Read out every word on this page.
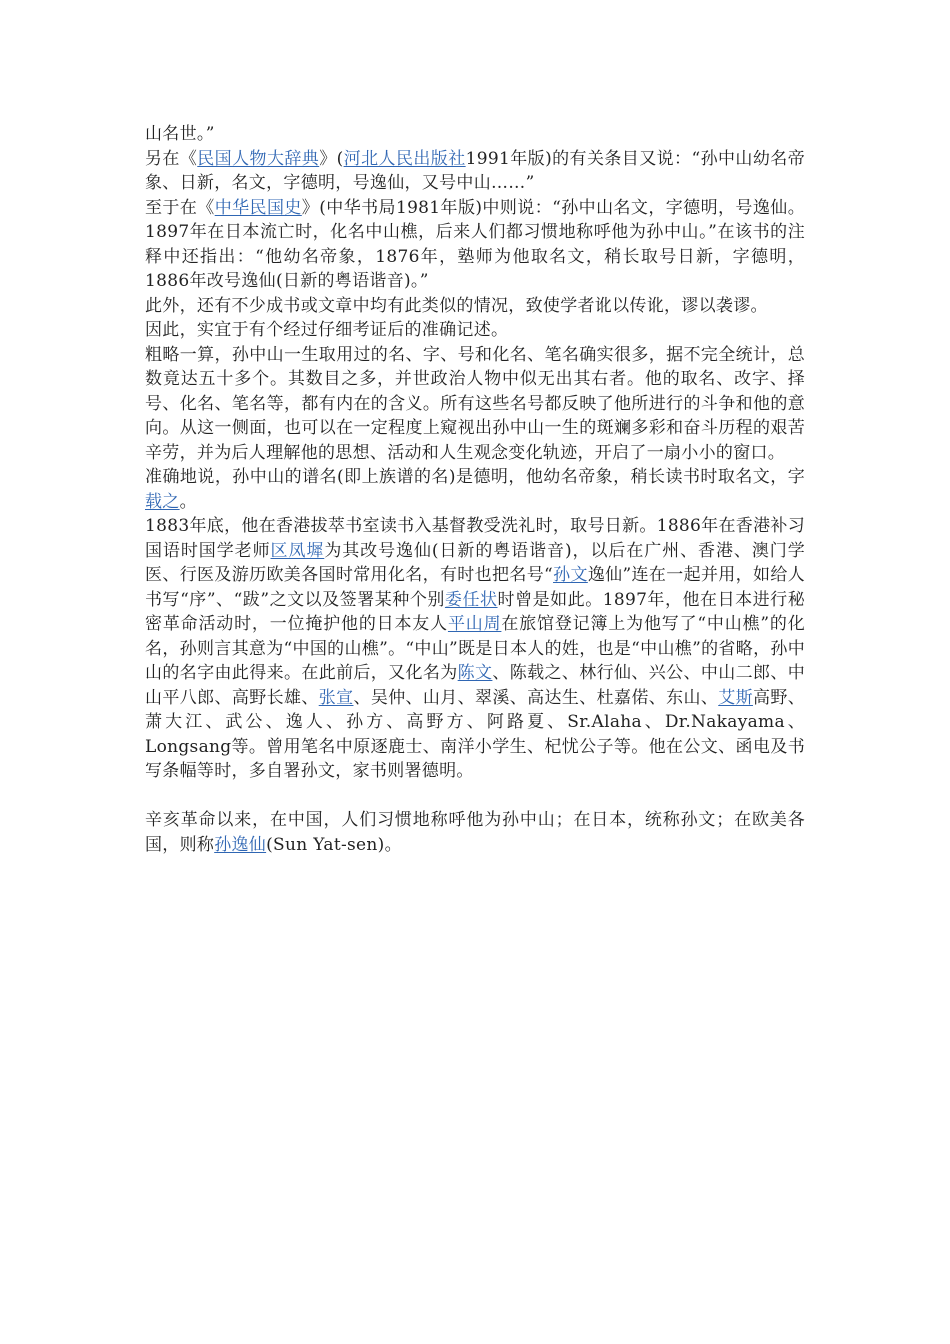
山名世。”

另在《民国人物大辞典》(河北人民出版社1991年版)的有关条目又说：“孙中山幼名帝象、日新，名文，字德明，号逸仙，又号中山……”

至于在《中华民国史》(中华书局1981年版)中则说：“孙中山名文，字德明，号逸仙。1897年在日本流亡时，化名中山樵，后来人们都习惯地称呼他为孙中山。”在该书的注释中还指出：“他幼名帝象，1876年，塾师为他取名文，稍长取号日新，字德明，1886年改号逸仙(日新的粤语谐音)。”

此外，还有不少成书或文章中均有此类似的情况，致使学者讹以传讹，谬以袭谬。

因此，实宜于有个经过仔细考证后的准确记述。

粗略一算，孙中山一生取用过的名、字、号和化名、笔名确实很多，据不完全统计，总数竟达五十多个。其数目之多，并世政治人物中似无出其右者。他的取名、改字、择号、化名、笔名等，都有内在的含义。所有这些名号都反映了他所进行的斗争和他的意向。从这一侧面，也可以在一定程度上窥视出孙中山一生的斑斓多彩和奋斗历程的艰苦辛劳，并为后人理解他的思想、活动和人生观念变化轨迹，开启了一扇小小的窗口。

准确地说，孙中山的谱名(即上族谱的名)是德明，他幼名帝象，稍长读书时取名文，字载之。

1883年底，他在香港拔萃书室读书入基督教受洗礼时，取号日新。1886年在香港补习国语时国学老师区凤墀为其改号逸仙(日新的粤语谐音)，以后在广州、香港、澳门学医、行医及游历欧美各国时常用化名，有时也把名号“孙文逸仙”连在一起并用，如给人书写“序”、“跋”之文以及签署某种个别委任状时曾是如此。1897年，他在日本进行秘密革命活动时，一位掩护他的日本友人平山周在旅馆登记簿上为他写了“中山樵”的化名，孙则言其意为“中国的山樵”。“中山”既是日本人的姓，也是“中山樵”的省略，孙中山的名字由此得来。在此前后，又化名为陈文、陈载之、林行仙、兴公、中山二郎、中山平八郎、高野长雄、张宣、吴仲、山月、翠溪、高达生、杜嘉偌、东山、艾斯高野、萧大江、武公、逸人、孙方、高野方、阿路夏、Sr.Alaha、Dr.Nakayama、Longsang等。曾用笔名中原逐鹿士、南洋小学生、杞忧公子等。他在公文、函电及书写条幅等时，多自署孙文，家书则署德明。

辛亥革命以来，在中国，人们习惯地称呼他为孙中山；在日本，统称孙文；在欧美各国，则称孙逸仙(Sun Yat-sen)。
